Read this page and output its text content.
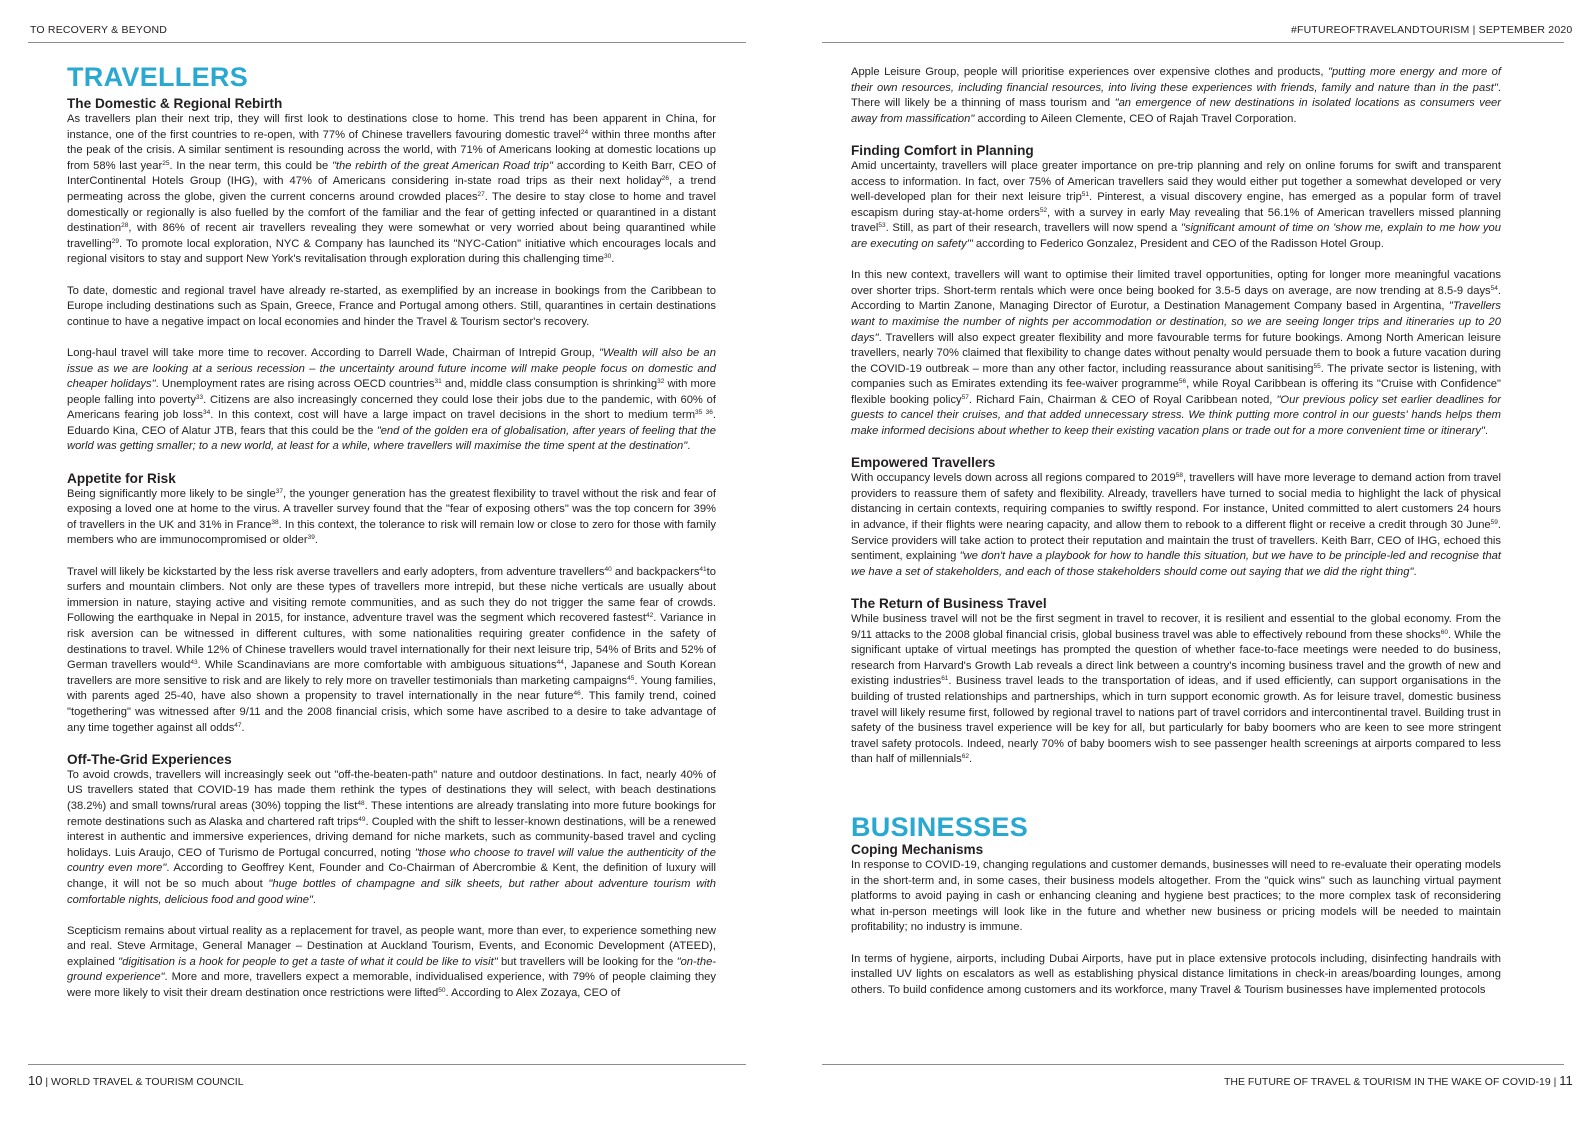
TO RECOVERY & BEYOND
TRAVELLERS
The Domestic & Regional Rebirth

As travellers plan their next trip, they will first look to destinations close to home. This trend has been apparent in China, for instance, one of the first countries to re-open, with 77% of Chinese travellers favouring domestic travel$^{24}$ within three months after the peak of the crisis. A similar sentiment is resounding across the world, with 71% of Americans looking at domestic locations up from 58% last year$^{25}$. In the near term, this could be "the rebirth of the great American Road trip" according to Keith Barr, CEO of InterContinental Hotels Group (IHG), with 47% of Americans considering in-state road trips as their next holiday$^{26}$, a trend permeating across the globe, given the current concerns around crowded places$^{27}$. The desire to stay close to home and travel domestically or regionally is also fuelled by the comfort of the familiar and the fear of getting infected or quarantined in a distant destination$^{28}$, with 86% of recent air travellers revealing they were somewhat or very worried about being quarantined while travelling$^{29}$. To promote local exploration, NYC & Company has launched its "NYC-Cation" initiative which encourages locals and regional visitors to stay and support New York's revitalisation through exploration during this challenging time$^{30}$.

To date, domestic and regional travel have already re-started, as exemplified by an increase in bookings from the Caribbean to Europe including destinations such as Spain, Greece, France and Portugal among others. Still, quarantines in certain destinations continue to have a negative impact on local economies and hinder the Travel & Tourism sector's recovery.

Long-haul travel will take more time to recover. According to Darrell Wade, Chairman of Intrepid Group, "Wealth will also be an issue as we are looking at a serious recession – the uncertainty around future income will make people focus on domestic and cheaper holidays". Unemployment rates are rising across OECD countries$^{31}$ and, middle class consumption is shrinking$^{32}$ with more people falling into poverty$^{33}$. Citizens are also increasingly concerned they could lose their jobs due to the pandemic, with 60% of Americans fearing job loss$^{34}$. In this context, cost will have a large impact on travel decisions in the short to medium term$^{35 36}$. Eduardo Kina, CEO of Alatur JTB, fears that this could be the "end of the golden era of globalisation, after years of feeling that the world was getting smaller; to a new world, at least for a while, where travellers will maximise the time spent at the destination".

Appetite for Risk

Being significantly more likely to be single$^{37}$, the younger generation has the greatest flexibility to travel without the risk and fear of exposing a loved one at home to the virus. A traveller survey found that the "fear of exposing others" was the top concern for 39% of travellers in the UK and 31% in France$^{38}$. In this context, the tolerance to risk will remain low or close to zero for those with family members who are immunocompromised or older$^{39}$.

Travel will likely be kickstarted by the less risk averse travellers and early adopters, from adventure travellers$^{40}$ and backpackers$^{41}$to surfers and mountain climbers. Not only are these types of travellers more intrepid, but these niche verticals are usually about immersion in nature, staying active and visiting remote communities, and as such they do not trigger the same fear of crowds. Following the earthquake in Nepal in 2015, for instance, adventure travel was the segment which recovered fastest$^{42}$. Variance in risk aversion can be witnessed in different cultures, with some nationalities requiring greater confidence in the safety of destinations to travel. While 12% of Chinese travellers would travel internationally for their next leisure trip, 54% of Brits and 52% of German travellers would$^{43}$. While Scandinavians are more comfortable with ambiguous situations$^{44}$, Japanese and South Korean travellers are more sensitive to risk and are likely to rely more on traveller testimonials than marketing campaigns$^{45}$. Young families, with parents aged 25-40, have also shown a propensity to travel internationally in the near future$^{46}$. This family trend, coined "togethering" was witnessed after 9/11 and the 2008 financial crisis, which some have ascribed to a desire to take advantage of any time together against all odds$^{47}$.

Off-The-Grid Experiences

To avoid crowds, travellers will increasingly seek out "off-the-beaten-path" nature and outdoor destinations. In fact, nearly 40% of US travellers stated that COVID-19 has made them rethink the types of destinations they will select, with beach destinations (38.2%) and small towns/rural areas (30%) topping the list$^{48}$. These intentions are already translating into more future bookings for remote destinations such as Alaska and chartered raft trips$^{49}$. Coupled with the shift to lesser-known destinations, will be a renewed interest in authentic and immersive experiences, driving demand for niche markets, such as community-based travel and cycling holidays. Luis Araujo, CEO of Turismo de Portugal concurred, noting "those who choose to travel will value the authenticity of the country even more". According to Geoffrey Kent, Founder and Co-Chairman of Abercrombie & Kent, the definition of luxury will change, it will not be so much about "huge bottles of champagne and silk sheets, but rather about adventure tourism with comfortable nights, delicious food and good wine".

Scepticism remains about virtual reality as a replacement for travel, as people want, more than ever, to experience something new and real. Steve Armitage, General Manager – Destination at Auckland Tourism, Events, and Economic Development (ATEED), explained "digitisation is a hook for people to get a taste of what it could be like to visit" but travellers will be looking for the "on-the-ground experience". More and more, travellers expect a memorable, individualised experience, with 79% of people claiming they were more likely to visit their dream destination once restrictions were lifted$^{50}$. According to Alex Zozaya, CEO of

10 | WORLD TRAVEL & TOURISM COUNCIL
#FUTUREOFTRAVELANDTOURISM | SEPTEMBER 2020

Apple Leisure Group, people will prioritise experiences over expensive clothes and products, "putting more energy and more of their own resources, including financial resources, into living these experiences with friends, family and nature than in the past". There will likely be a thinning of mass tourism and "an emergence of new destinations in isolated locations as consumers veer away from massification" according to Aileen Clemente, CEO of Rajah Travel Corporation.

Finding Comfort in Planning

Amid uncertainty, travellers will place greater importance on pre-trip planning and rely on online forums for swift and transparent access to information. In fact, over 75% of American travellers said they would either put together a somewhat developed or very well-developed plan for their next leisure trip$^{51}$. Pinterest, a visual discovery engine, has emerged as a popular form of travel escapism during stay-at-home orders$^{52}$, with a survey in early May revealing that 56.1% of American travellers missed planning travel$^{53}$. Still, as part of their research, travellers will now spend a "significant amount of time on 'show me, explain to me how you are executing on safety'" according to Federico Gonzalez, President and CEO of the Radisson Hotel Group.

In this new context, travellers will want to optimise their limited travel opportunities, opting for longer more meaningful vacations over shorter trips. Short-term rentals which were once being booked for 3.5-5 days on average, are now trending at 8.5-9 days$^{54}$. According to Martin Zanone, Managing Director of Eurotur, a Destination Management Company based in Argentina, "Travellers want to maximise the number of nights per accommodation or destination, so we are seeing longer trips and itineraries up to 20 days". Travellers will also expect greater flexibility and more favourable terms for future bookings. Among North American leisure travellers, nearly 70% claimed that flexibility to change dates without penalty would persuade them to book a future vacation during the COVID-19 outbreak – more than any other factor, including reassurance about sanitising$^{55}$. The private sector is listening, with companies such as Emirates extending its fee-waiver programme$^{56}$, while Royal Caribbean is offering its "Cruise with Confidence" flexible booking policy$^{57}$. Richard Fain, Chairman & CEO of Royal Caribbean noted, "Our previous policy set earlier deadlines for guests to cancel their cruises, and that added unnecessary stress. We think putting more control in our guests' hands helps them make informed decisions about whether to keep their existing vacation plans or trade out for a more convenient time or itinerary".

Empowered Travellers

With occupancy levels down across all regions compared to 2019$^{58}$, travellers will have more leverage to demand action from travel providers to reassure them of safety and flexibility. Already, travellers have turned to social media to highlight the lack of physical distancing in certain contexts, requiring companies to swiftly respond. For instance, United committed to alert customers 24 hours in advance, if their flights were nearing capacity, and allow them to rebook to a different flight or receive a credit through 30 June$^{59}$. Service providers will take action to protect their reputation and maintain the trust of travellers. Keith Barr, CEO of IHG, echoed this sentiment, explaining "we don't have a playbook for how to handle this situation, but we have to be principle-led and recognise that we have a set of stakeholders, and each of those stakeholders should come out saying that we did the right thing".

The Return of Business Travel

While business travel will not be the first segment in travel to recover, it is resilient and essential to the global economy. From the 9/11 attacks to the 2008 global financial crisis, global business travel was able to effectively rebound from these shocks$^{60}$. While the significant uptake of virtual meetings has prompted the question of whether face-to-face meetings were needed to do business, research from Harvard's Growth Lab reveals a direct link between a country's incoming business travel and the growth of new and existing industries$^{61}$. Business travel leads to the transportation of ideas, and if used efficiently, can support organisations in the building of trusted relationships and partnerships, which in turn support economic growth. As for leisure travel, domestic business travel will likely resume first, followed by regional travel to nations part of travel corridors and intercontinental travel. Building trust in safety of the business travel experience will be key for all, but particularly for baby boomers who are keen to see more stringent travel safety protocols. Indeed, nearly 70% of baby boomers wish to see passenger health screenings at airports compared to less than half of millennials$^{62}$.

BUSINESSES
Coping Mechanisms

In response to COVID-19, changing regulations and customer demands, businesses will need to re-evaluate their operating models in the short-term and, in some cases, their business models altogether. From the "quick wins" such as launching virtual payment platforms to avoid paying in cash or enhancing cleaning and hygiene best practices; to the more complex task of reconsidering what in-person meetings will look like in the future and whether new business or pricing models will be needed to maintain profitability; no industry is immune.

In terms of hygiene, airports, including Dubai Airports, have put in place extensive protocols including, disinfecting handrails with installed UV lights on escalators as well as establishing physical distance limitations in check-in areas/boarding lounges, among others. To build confidence among customers and its workforce, many Travel & Tourism businesses have implemented protocols

THE FUTURE OF TRAVEL & TOURISM IN THE WAKE OF COVID-19 | 11
